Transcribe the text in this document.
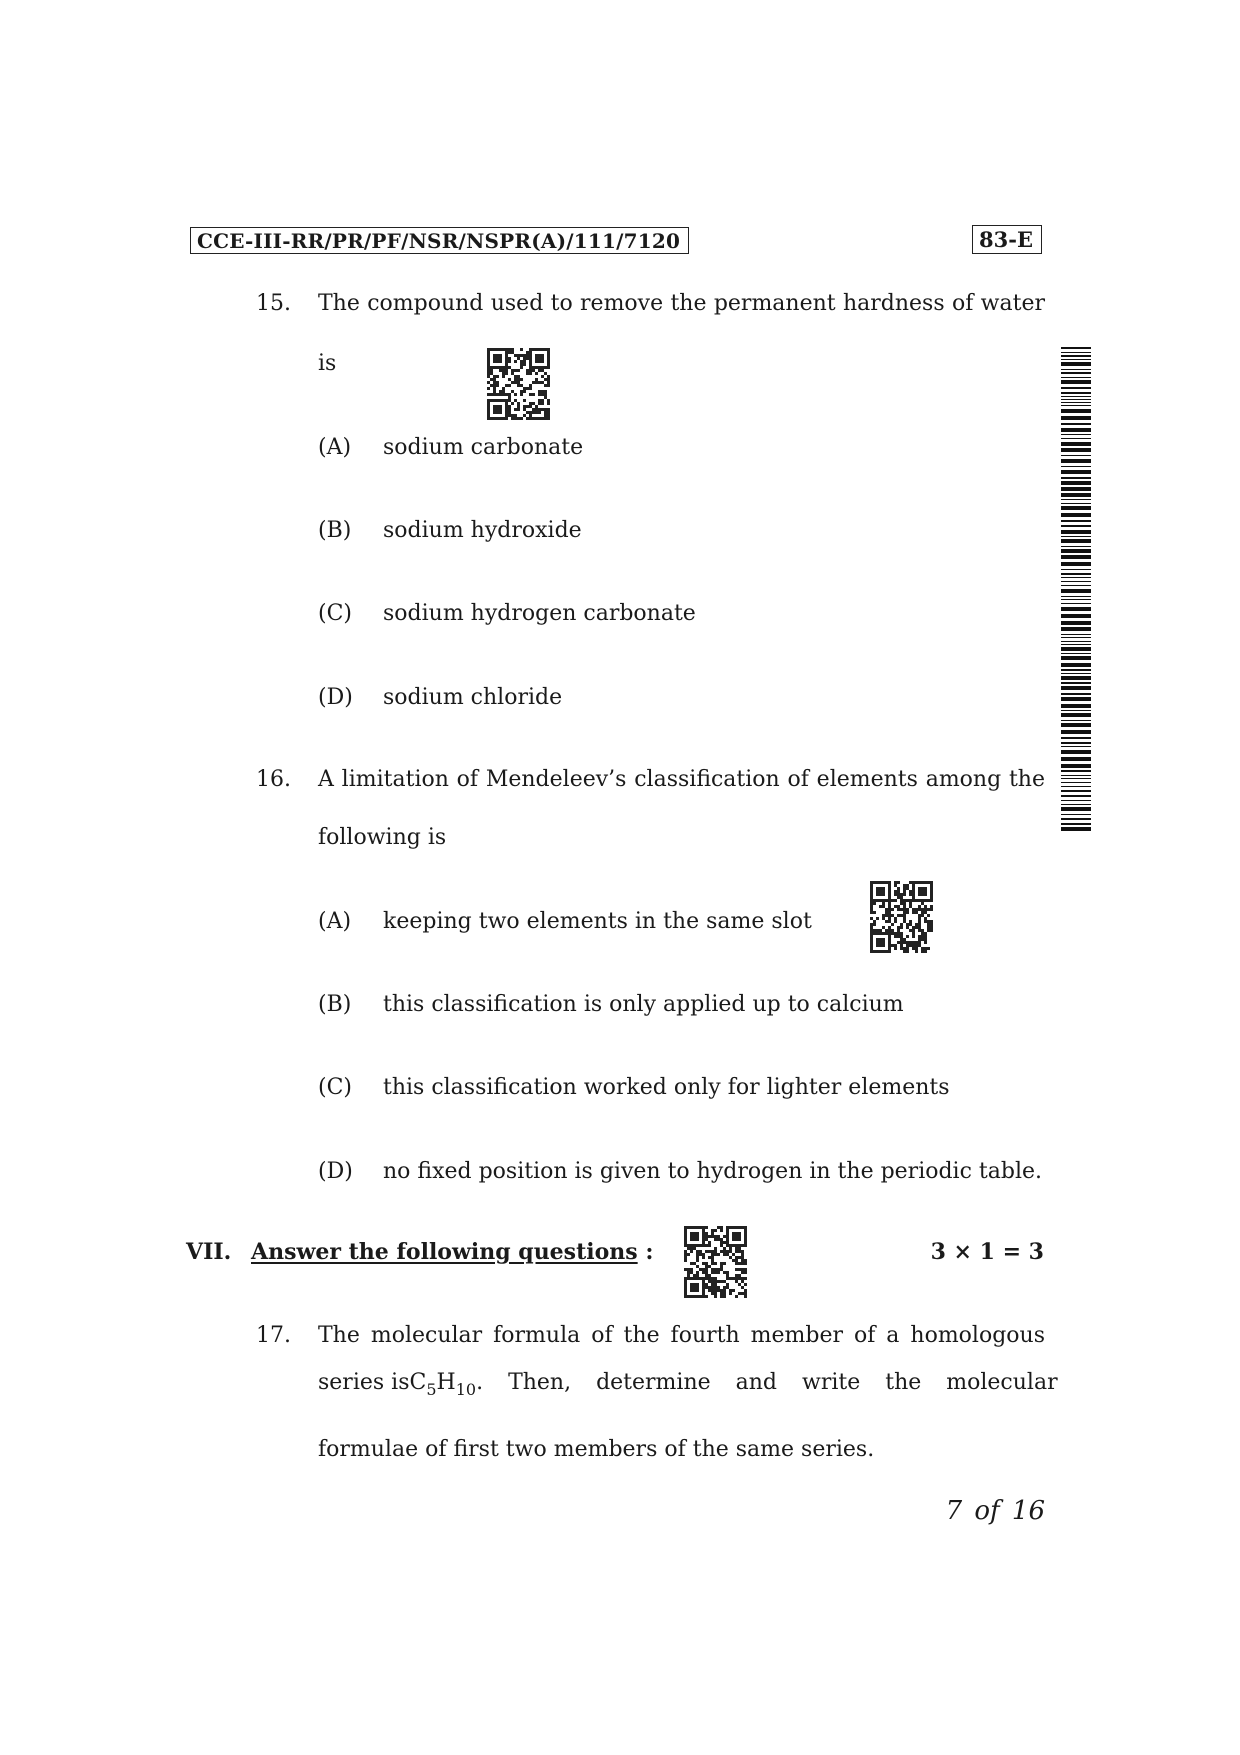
CCE-III-RR/PR/PF/NSR/NSPR(A)/111/7120	83-E
15. The compound used to remove the permanent hardness of water
is
(A) sodium carbonate
(B) sodium hydroxide
(C) sodium hydrogen carbonate
(D) sodium chloride
16. A limitation of Mendeleev’s classification of elements among the
following is
(A) keeping two elements in the same slot
(B) this classification is only applied up to calcium
(C) this classification worked only for lighter elements
(D) no fixed position is given to hydrogen in the periodic table.
VII. Answer the following questions :	3 × 1 = 3
17. The molecular formula of the fourth member of a homologous
series is $C_5H_{10}$. Then, determine and write the molecular
formulae of first two members of the same series.
7 of 16
